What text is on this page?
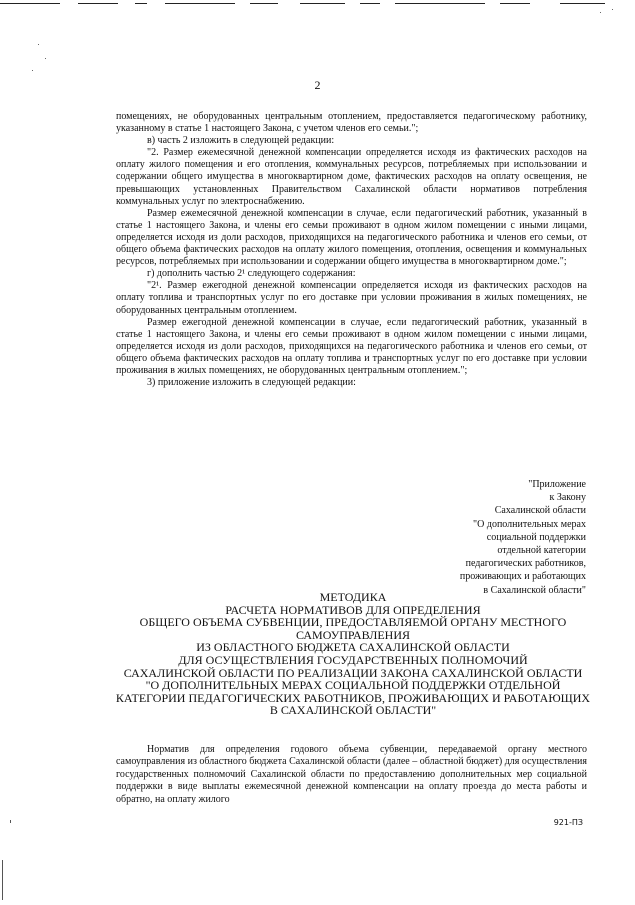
2

помещениях, не оборудованных центральным отоплением, предоставляется педагогическому работнику, указанному в статье 1 настоящего Закона, с учетом членов его семьи.";

в) часть 2 изложить в следующей редакции:

"2. Размер ежемесячной денежной компенсации определяется исходя из фактических расходов на оплату жилого помещения и его отопления, коммунальных ресурсов, потребляемых при использовании и содержании общего имущества в многоквартирном доме, фактических расходов на оплату освещения, не превышающих установленных Правительством Сахалинской области нормативов потребления коммунальных услуг по электроснабжению.

Размер ежемесячной денежной компенсации в случае, если педагогический работник, указанный в статье 1 настоящего Закона, и члены его семьи проживают в одном жилом помещении с иными лицами, определяется исходя из доли расходов, приходящихся на педагогического работника и членов его семьи, от общего объема фактических расходов на оплату жилого помещения, отопления, освещения и коммунальных ресурсов, потребляемых при использовании и содержании общего имущества в многоквартирном доме.";

г) дополнить частью 2¹ следующего содержания:

"2¹. Размер ежегодной денежной компенсации определяется исходя из фактических расходов на оплату топлива и транспортных услуг по его доставке при условии проживания в жилых помещениях, не оборудованных центральным отоплением.

Размер ежегодной денежной компенсации в случае, если педагогический работник, указанный в статье 1 настоящего Закона, и члены его семьи проживают в одном жилом помещении с иными лицами, определяется исходя из доли расходов, приходящихся на педагогического работника и членов его семьи, от общего объема фактических расходов на оплату топлива и транспортных услуг по его доставке при условии проживания в жилых помещениях, не оборудованных центральным отоплением.";

3) приложение изложить в следующей редакции:

"Приложение
к Закону
Сахалинской области
"О дополнительных мерах
социальной поддержки
отдельной категории
педагогических работников,
проживающих и работающих
в Сахалинской области"
МЕТОДИКА
РАСЧЕТА НОРМАТИВОВ ДЛЯ ОПРЕДЕЛЕНИЯ
ОБЩЕГО ОБЪЕМА СУБВЕНЦИИ, ПРЕДОСТАВЛЯЕМОЙ ОРГАНУ МЕСТНОГО
САМОУПРАВЛЕНИЯ
ИЗ ОБЛАСТНОГО БЮДЖЕТА САХАЛИНСКОЙ ОБЛАСТИ
ДЛЯ ОСУЩЕСТВЛЕНИЯ ГОСУДАРСТВЕННЫХ ПОЛНОМОЧИЙ
САХАЛИНСКОЙ ОБЛАСТИ ПО РЕАЛИЗАЦИИ ЗАКОНА САХАЛИНСКОЙ ОБЛАСТИ
"О ДОПОЛНИТЕЛЬНЫХ МЕРАХ СОЦИАЛЬНОЙ ПОДДЕРЖКИ ОТДЕЛЬНОЙ
КАТЕГОРИИ ПЕДАГОГИЧЕСКИХ РАБОТНИКОВ, ПРОЖИВАЮЩИХ И РАБОТАЮЩИХ
В САХАЛИНСКОЙ ОБЛАСТИ"

Норматив для определения годового объема субвенции, передаваемой органу местного самоуправления из областного бюджета Сахалинской области (далее – областной бюджет) для осуществления государственных полномочий Сахалинской области по предоставлению дополнительных мер социальной поддержки в виде выплаты ежемесячной денежной компенсации на оплату проезда до места работы и обратно, на оплату жилого

921-ПЗ
